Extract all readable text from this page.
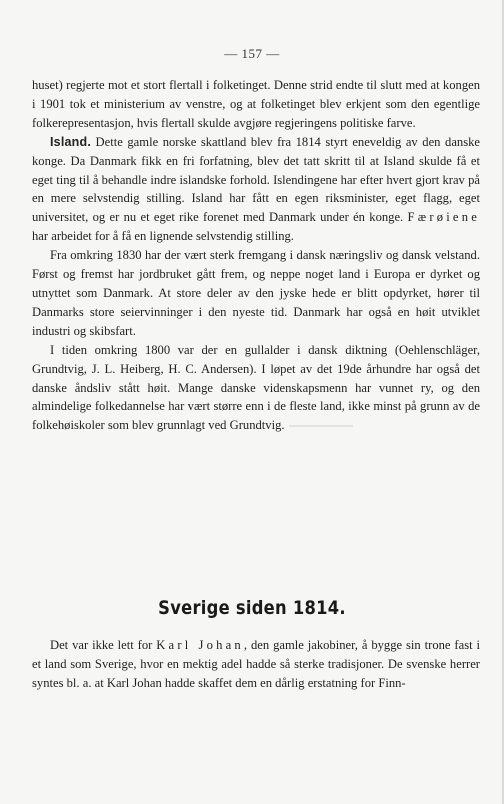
— 157 —

huset) regjerte mot et stort flertall i folketinget. Denne strid endte til slutt med at kongen i 1901 tok et ministerium av venstre, og at folketinget blev erkjent som den egentlige folkerepresentasjon, hvis flertall skulde avgjøre regjeringens politiske farve.

Island. Dette gamle norske skattland blev fra 1814 styrt eneveldig av den danske konge. Da Danmark fikk en fri forfatning, blev det tatt skritt til at Island skulde få et eget ting til å behandle indre islandske forhold. Islendingene har efter hvert gjort krav på en mere selvstendig stilling. Island har fått en egen riksminister, eget flagg, eget universitet, og er nu et eget rike forenet med Danmark under én konge. Færøiene har arbeidet for å få en lignende selvstendig stilling.

Fra omkring 1830 har der vært sterk fremgang i dansk næringsliv og dansk velstand. Først og fremst har jordbruket gått frem, og neppe noget land i Europa er dyrket og utnyttet som Danmark. At store deler av den jyske hede er blitt opdyrket, hører til Danmarks store seiervinninger i den nyeste tid. Danmark har også en høit utviklet industri og skibsfart.

I tiden omkring 1800 var der en gullalder i dansk diktning (Oehlenschläger, Grundtvig, J. L. Heiberg, H. C. Andersen). I løpet av det 19de århundre har også det danske åndsliv stått høit. Mange danske videnskapsmenn har vunnet ry, og den almindelige folkedannelse har vært større enn i de fleste land, ikke minst på grunn av de folkehøiskoler som blev grunnlagt ved Grundtvig.

Sverige siden 1814.

Det var ikke lett for Karl Johan, den gamle jakobiner, å bygge sin trone fast i et land som Sverige, hvor en mektig adel hadde så sterke tradisjoner. De svenske herrer syntes bl. a. at Karl Johan hadde skaffet dem en dårlig erstatning for Finn-
